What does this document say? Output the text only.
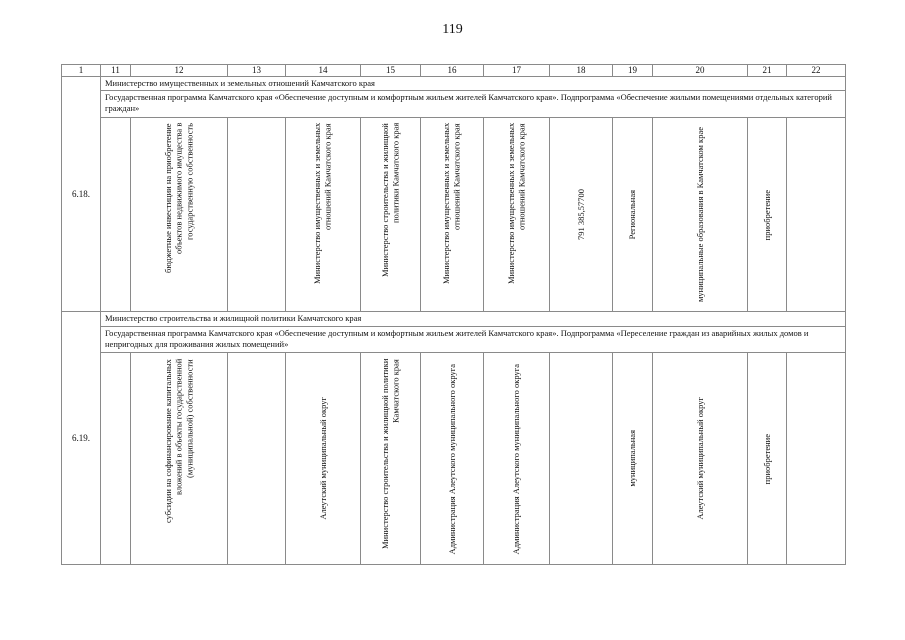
119
1	11	12	13	14	15	16	17	18	19	20	21	22
6.18.	Министерство имущественных и земельных отношений Камчатского края											
	Государственная программа Камчатского края «Обеспечение доступным и комфортным жильем жителей Камчатского края». Подпрограмма «Обеспечение жилыми помещениями отдельных категорий граждан»											

		бюджетные инвестиции на приобретение объектов недвижимого имущества в государственную собственность		Министерство имущественных и земельных отношений Камчатского края	Министерство строительства и жилищной политики Камчатского края	Министерство имущественных и земельных отношений Камчатского края	Министерство имущественных и земельных отношений Камчатского края	791 385,57700	Региональная	муниципальные образования в Камчатском крае	приобретение	

6.19.	Министерство строительства и жилищной политики Камчатского края											
	Государственная программа Камчатского края «Обеспечение доступным и комфортным жильем жителей Камчатского края». Подпрограмма «Переселение граждан из аварийных жилых домов и непригодных для проживания жилых помещений»											

		субсидии на софинансирование капитальных вложений в объекты государственной (муниципальной) собственности		Алеутский муниципальный округ	Министерство строительства и жилищной политики Камчатского края	Администрация Алеутского муниципального округа	Администрация Алеутского муниципального округа		муниципальная	Алеутский муниципальный округ	приобретение	
